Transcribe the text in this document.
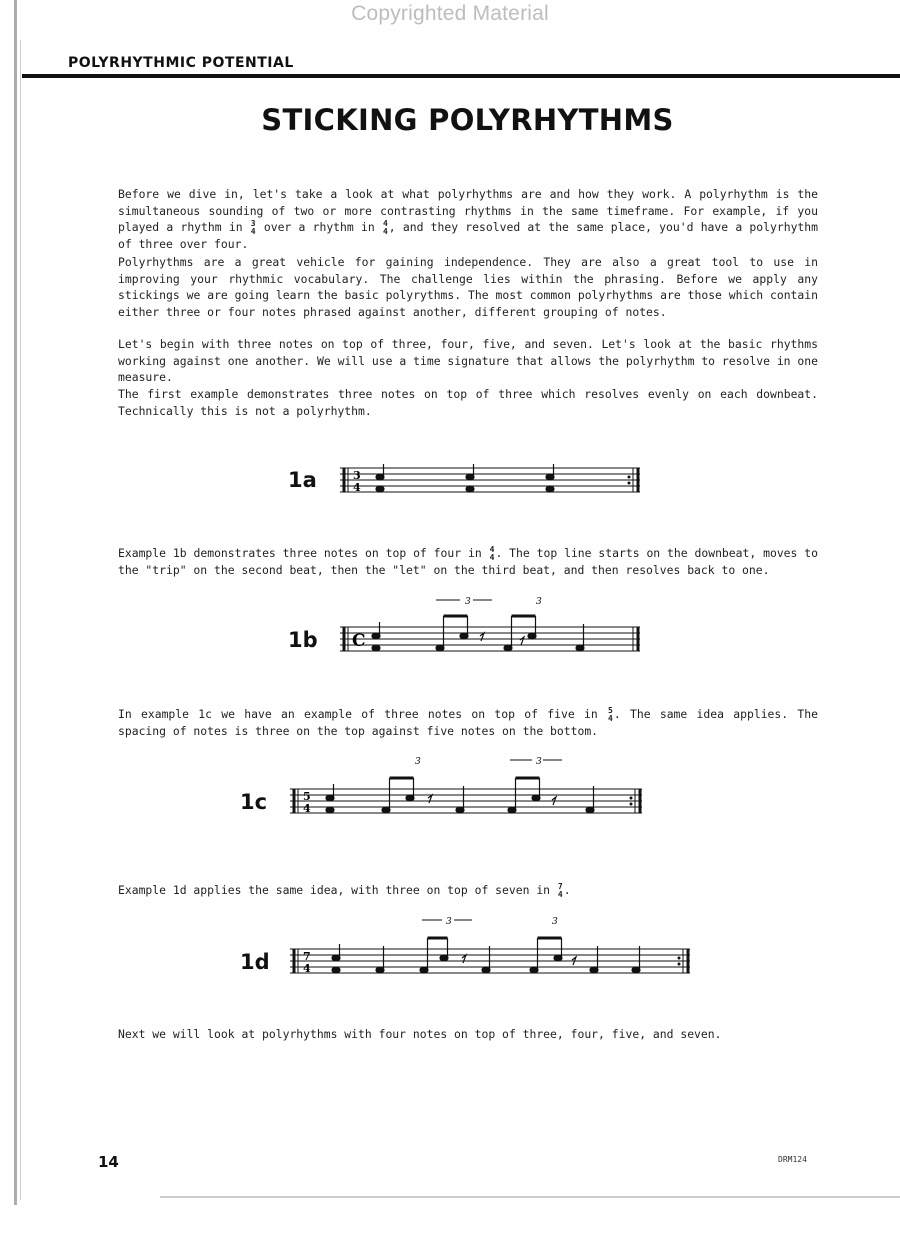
Copyrighted Material
POLYRHYTHMIC POTENTIAL
STICKING POLYRHYTHMS

Before we dive in, let's take a look at what polyrhythms are and how they work. A polyrhythm is the simultaneous sounding of two or more contrasting rhythms in the same timeframe. For example, if you played a rhythm in 3
4 over a rhythm in 4
4 , and they resolved at the same place, you'd have a polyrhythm of three over four.

Polyrhythms are a great vehicle for gaining independence. They are also a great tool to use in improving your rhythmic vocabulary. The challenge lies within the phrasing. Before we apply any stickings we are going learn the basic polyrythms. The most common polyrhythms are those which contain either three or four notes phrased against another, different grouping of notes.

Let's begin with three notes on top of three, four, five, and seven. Let's look at the basic rhythms working against one another. We will use a time signature that allows the polyrhythm to resolve in one measure.

The first example demonstrates three notes on top of three which resolves evenly on each downbeat. Technically this is not a polyrhythm.

1a	3
4

Example 1b demonstrates three notes on top of four in 4
4 . The top line starts on the downbeat, moves to the "trip" on the second beat, then the "let" on the third beat, and then resolves back to one.

1b
3	3
C

In example 1c we have an example of three notes on top of five in 5
4 . The same idea applies. The spacing of notes is three on the top against five notes on the bottom.

1c
3	3
5
4

Example 1d applies the same idea, with three on top of seven in 7
4 .

1d
3	3
7
4

Next we will look at polyrhythms with four notes on top of three, four, five, and seven.

14	DRM124
